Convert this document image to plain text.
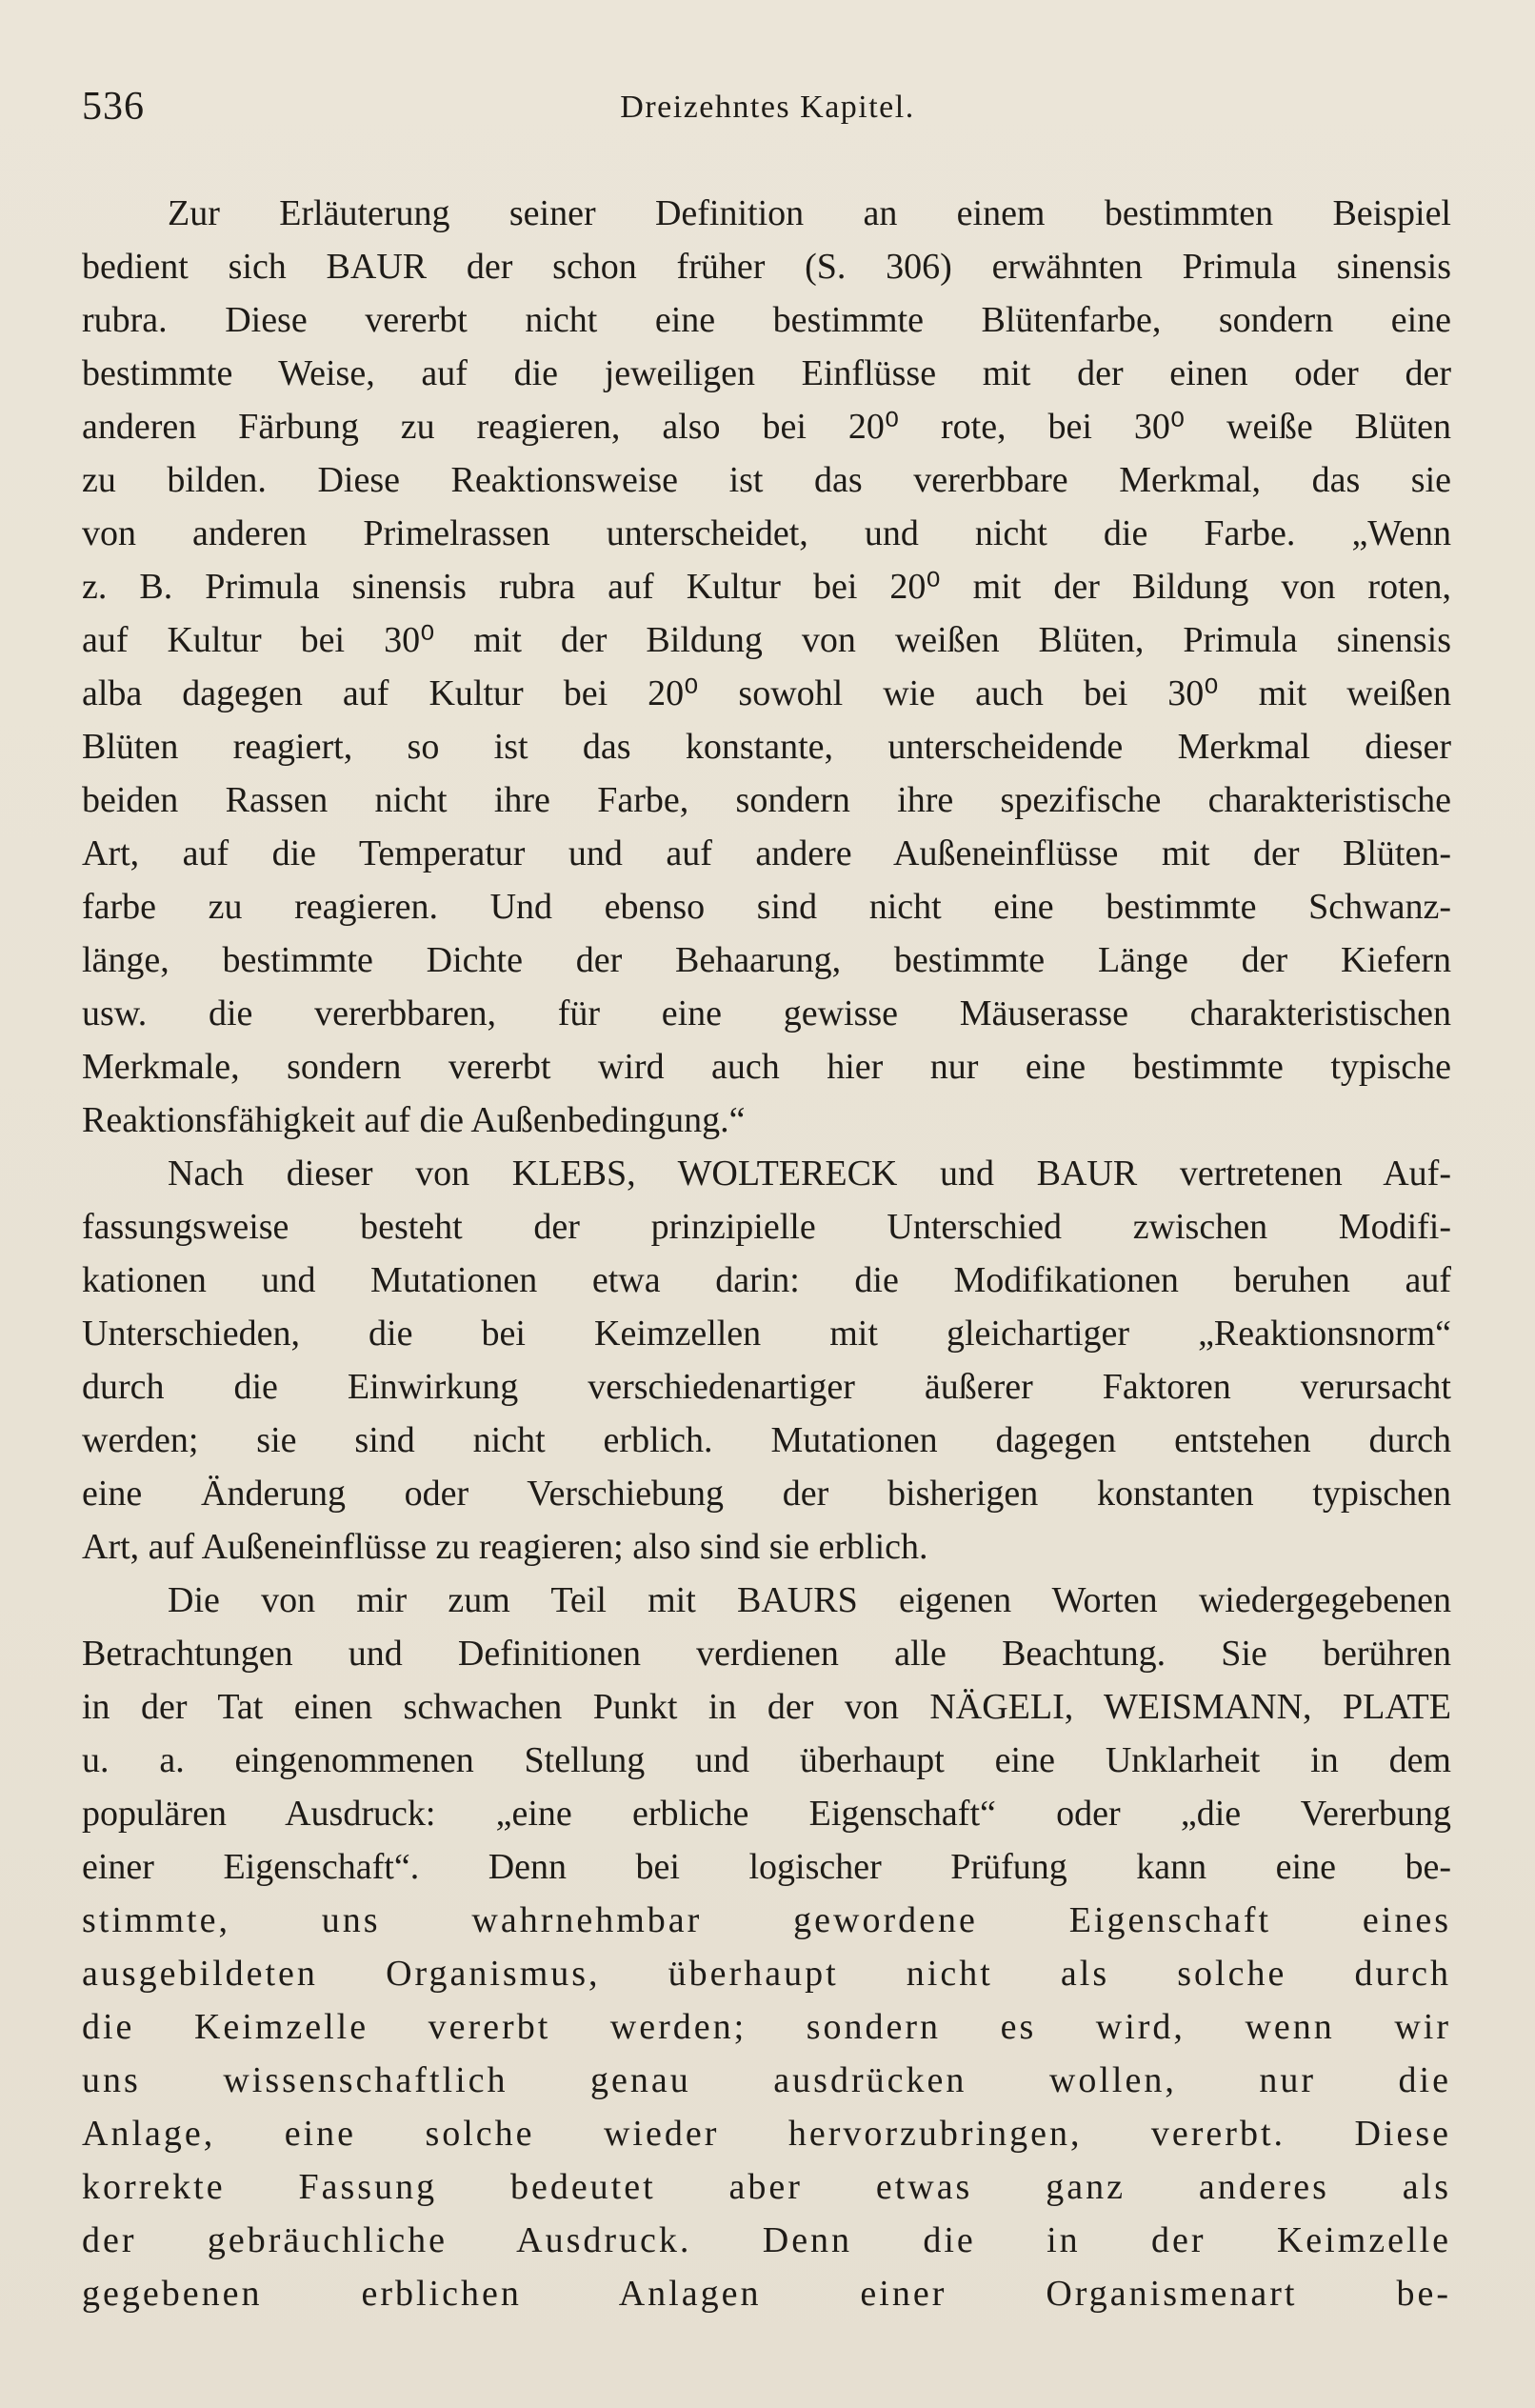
536	Dreizehntes Kapitel.
Zur Erläuterung seiner Definition an einem bestimmten Beispiel
bedient sich BAUR der schon früher (S. 306) erwähnten Primula sinensis
rubra. Diese vererbt nicht eine bestimmte Blütenfarbe, sondern eine
bestimmte Weise, auf die jeweiligen Einflüsse mit der einen oder der
anderen Färbung zu reagieren, also bei 20⁰ rote, bei 30⁰ weiße Blüten
zu bilden. Diese Reaktionsweise ist das vererbbare Merkmal, das sie
von anderen Primelrassen unterscheidet, und nicht die Farbe. „Wenn
z. B. Primula sinensis rubra auf Kultur bei 20⁰ mit der Bildung von roten,
auf Kultur bei 30⁰ mit der Bildung von weißen Blüten, Primula sinensis
alba dagegen auf Kultur bei 20⁰ sowohl wie auch bei 30⁰ mit weißen
Blüten reagiert, so ist das konstante, unterscheidende Merkmal dieser
beiden Rassen nicht ihre Farbe, sondern ihre spezifische charakteristische
Art, auf die Temperatur und auf andere Außeneinflüsse mit der Blüten-
farbe zu reagieren. Und ebenso sind nicht eine bestimmte Schwanz-
länge, bestimmte Dichte der Behaarung, bestimmte Länge der Kiefern
usw. die vererbbaren, für eine gewisse Mäuserasse charakteristischen
Merkmale, sondern vererbt wird auch hier nur eine bestimmte typische
Reaktionsfähigkeit auf die Außenbedingung.“
Nach dieser von KLEBS, WOLTERECK und BAUR vertretenen Auf-
fassungsweise besteht der prinzipielle Unterschied zwischen Modifi-
kationen und Mutationen etwa darin: die Modifikationen beruhen auf
Unterschieden, die bei Keimzellen mit gleichartiger „Reaktionsnorm“
durch die Einwirkung verschiedenartiger äußerer Faktoren verursacht
werden; sie sind nicht erblich. Mutationen dagegen entstehen durch
eine Änderung oder Verschiebung der bisherigen konstanten typischen
Art, auf Außeneinflüsse zu reagieren; also sind sie erblich.
Die von mir zum Teil mit BAURS eigenen Worten wiedergegebenen
Betrachtungen und Definitionen verdienen alle Beachtung. Sie berühren
in der Tat einen schwachen Punkt in der von NÄGELI, WEISMANN, PLATE
u. a. eingenommenen Stellung und überhaupt eine Unklarheit in dem
populären Ausdruck: „eine erbliche Eigenschaft“ oder „die Vererbung
einer Eigenschaft“. Denn bei logischer Prüfung kann eine be-
stimmte, uns wahrnehmbar gewordene Eigenschaft eines
ausgebildeten Organismus, überhaupt nicht als solche durch
die Keimzelle vererbt werden; sondern es wird, wenn wir
uns wissenschaftlich genau ausdrücken wollen, nur die
Anlage, eine solche wieder hervorzubringen, vererbt. Diese
korrekte Fassung bedeutet aber etwas ganz anderes als
der gebräuchliche Ausdruck. Denn die in der Keimzelle
gegebenen erblichen Anlagen einer Organismenart be-
